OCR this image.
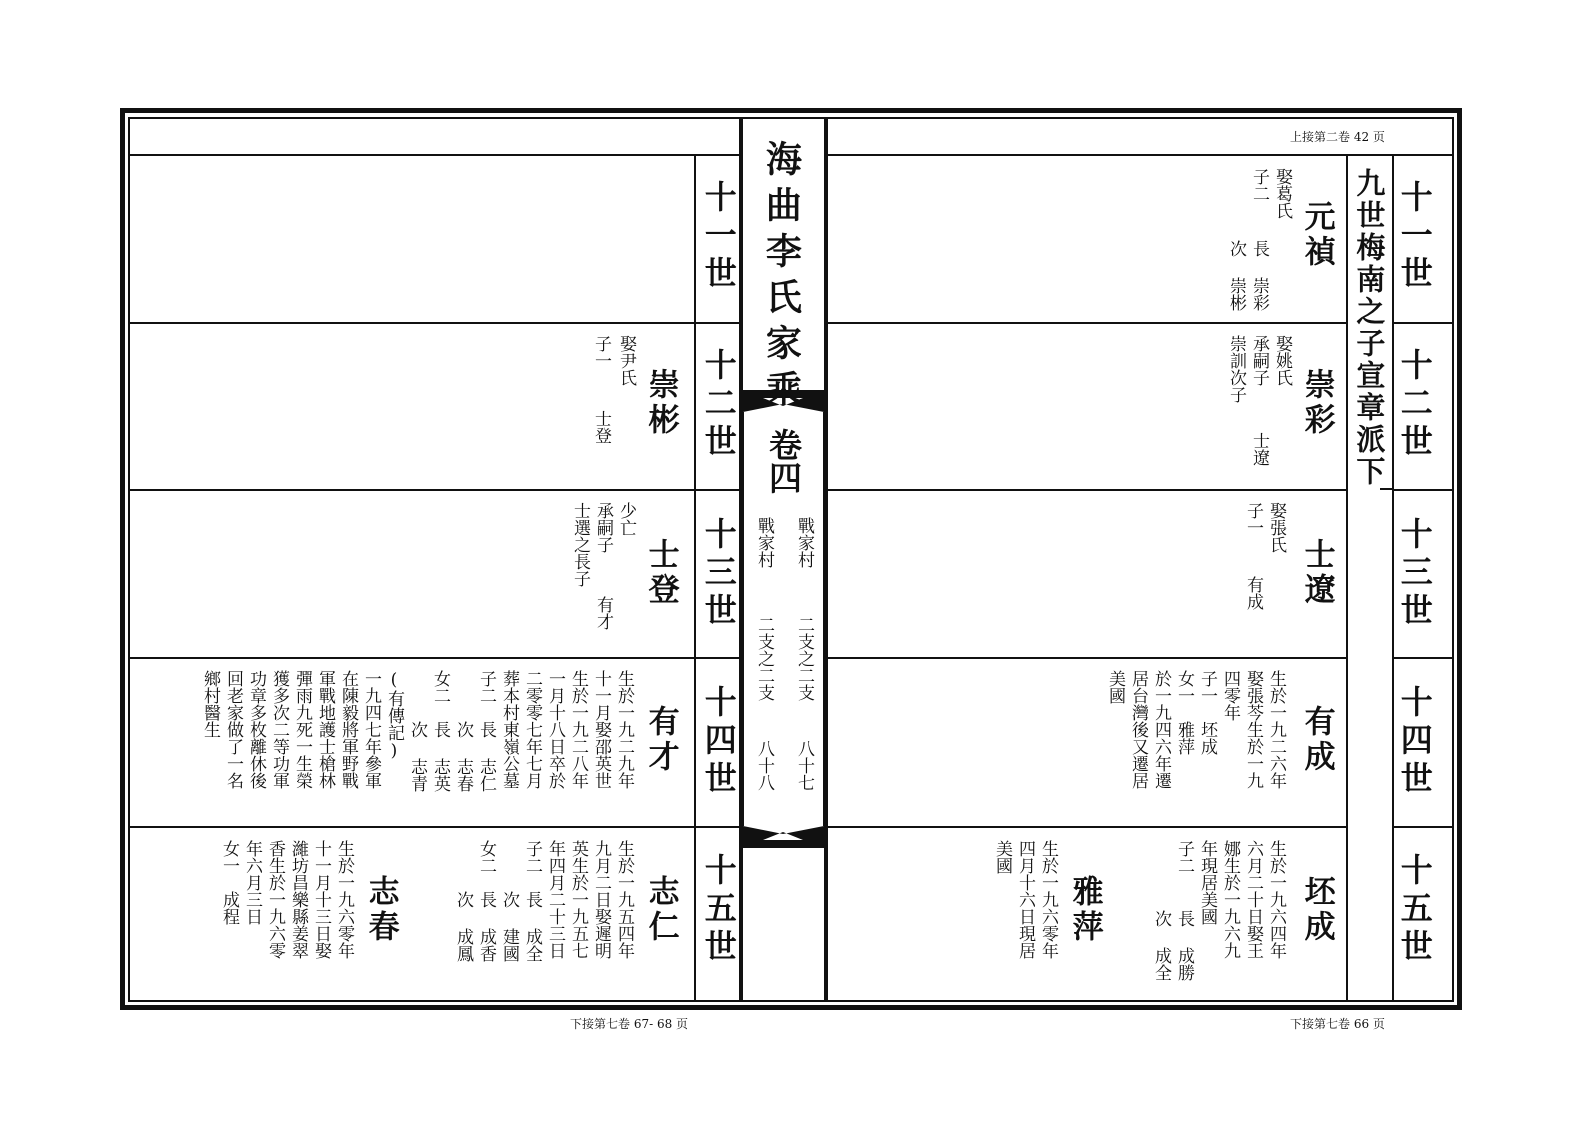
上接第二卷 42 页
海曲李氏家乘
卷四
戰家村
二支之二支
八十七
戰家村
二支之二支
八十八
九世梅南之子宣章派下 十一世
十二世
十三世
十四世
十五世
十一世
十二世
十三世
十四世
十五世
元禎
娶葛氏
子二
長 崇彩
次 崇彬
崇彩
娶姚氏
承嗣子
崇訓次子
士遼
士遼
娶張氏
子一
有成
有成
生於一九二六年
娶張芩生於一九
四零年
子一　坯成
女一　雅萍
於一九四六年遷
居台灣後又遷居
美國
坯成
生於一九六四年
六月二十日娶王
娜生於一九六九
年現居美國
子二
長 成勝
次 成全
雅萍
生於一九六零年
四月十六日現居
美國
崇彬
娶尹氏
子一
士登
士登
少亡
承嗣子
士選之長子
有才
有才
生於一九二九年
十一月娶邵英世
生於一九二八年
一月十八日卒於
二零零七年七月
葬本村東嶺公墓
子二　長 志仁
　　　次 志春
女二　長 志英
　　　次 志青
(有傳記)
一九四七年參軍
在陳毅將軍野戰
軍戰地護士槍林
彈雨九死一生榮
獲多次二等功軍
功章多枚離休後
回老家做了一名
鄉村醫生
志仁
生於一九五四年
九月二日娶遲明
英生於一九五七
年四月二十三日
子二　長 成全
　　　次 建國
女二　長 成香
　　　次 成鳳
志春
生於一九六零年
十一月十三日娶
濰坊昌樂縣姜翠
香生於一九六零
年六月三日
女一　成程
下接第七卷 67- 68 页	下接第七卷 66 页
